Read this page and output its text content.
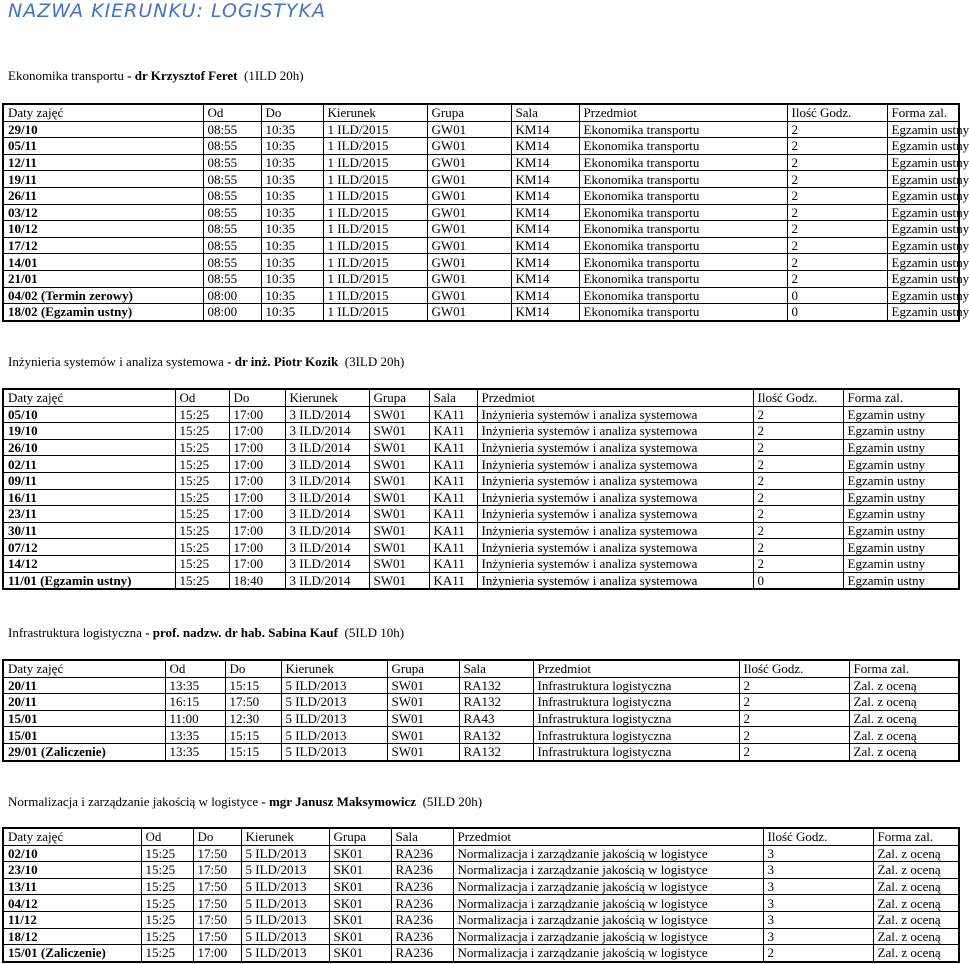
NAZWA KIERUNKU: LOGISTYKA
Ekonomika transportu - dr Krzysztof Feret (1ILD 20h)
Daty zajęć	Od	Do	Kierunek	Grupa	Sala	Przedmiot	Ilość Godz.	Forma zal.
29/10	08:55	10:35	1 ILD/2015	GW01	KM14	Ekonomika transportu	2	Egzamin ustny
05/11	08:55	10:35	1 ILD/2015	GW01	KM14	Ekonomika transportu	2	Egzamin ustny
12/11	08:55	10:35	1 ILD/2015	GW01	KM14	Ekonomika transportu	2	Egzamin ustny
19/11	08:55	10:35	1 ILD/2015	GW01	KM14	Ekonomika transportu	2	Egzamin ustny
26/11	08:55	10:35	1 ILD/2015	GW01	KM14	Ekonomika transportu	2	Egzamin ustny
03/12	08:55	10:35	1 ILD/2015	GW01	KM14	Ekonomika transportu	2	Egzamin ustny
10/12	08:55	10:35	1 ILD/2015	GW01	KM14	Ekonomika transportu	2	Egzamin ustny
17/12	08:55	10:35	1 ILD/2015	GW01	KM14	Ekonomika transportu	2	Egzamin ustny
14/01	08:55	10:35	1 ILD/2015	GW01	KM14	Ekonomika transportu	2	Egzamin ustny
21/01	08:55	10:35	1 ILD/2015	GW01	KM14	Ekonomika transportu	2	Egzamin ustny
04/02 (Termin zerowy)	08:00	10:35	1 ILD/2015	GW01	KM14	Ekonomika transportu	0	Egzamin ustny
18/02 (Egzamin ustny)	08:00	10:35	1 ILD/2015	GW01	KM14	Ekonomika transportu	0	Egzamin ustny
Inżynieria systemów i analiza systemowa - dr inż. Piotr Kozik (3ILD 20h)
Daty zajęć	Od	Do	Kierunek	Grupa	Sala	Przedmiot	Ilość Godz.	Forma zal.
05/10	15:25	17:00	3 ILD/2014	SW01	KA11	Inżynieria systemów i analiza systemowa	2	Egzamin ustny
19/10	15:25	17:00	3 ILD/2014	SW01	KA11	Inżynieria systemów i analiza systemowa	2	Egzamin ustny
26/10	15:25	17:00	3 ILD/2014	SW01	KA11	Inżynieria systemów i analiza systemowa	2	Egzamin ustny
02/11	15:25	17:00	3 ILD/2014	SW01	KA11	Inżynieria systemów i analiza systemowa	2	Egzamin ustny
09/11	15:25	17:00	3 ILD/2014	SW01	KA11	Inżynieria systemów i analiza systemowa	2	Egzamin ustny
16/11	15:25	17:00	3 ILD/2014	SW01	KA11	Inżynieria systemów i analiza systemowa	2	Egzamin ustny
23/11	15:25	17:00	3 ILD/2014	SW01	KA11	Inżynieria systemów i analiza systemowa	2	Egzamin ustny
30/11	15:25	17:00	3 ILD/2014	SW01	KA11	Inżynieria systemów i analiza systemowa	2	Egzamin ustny
07/12	15:25	17:00	3 ILD/2014	SW01	KA11	Inżynieria systemów i analiza systemowa	2	Egzamin ustny
14/12	15:25	17:00	3 ILD/2014	SW01	KA11	Inżynieria systemów i analiza systemowa	2	Egzamin ustny
11/01 (Egzamin ustny)	15:25	18:40	3 ILD/2014	SW01	KA11	Inżynieria systemów i analiza systemowa	0	Egzamin ustny
Infrastruktura logistyczna - prof. nadzw. dr hab. Sabina Kauf (5ILD 10h)
Daty zajęć	Od	Do	Kierunek	Grupa	Sala	Przedmiot	Ilość Godz.	Forma zal.
20/11	13:35	15:15	5 ILD/2013	SW01	RA132	Infrastruktura logistyczna	2	Zal. z oceną
20/11	16:15	17:50	5 ILD/2013	SW01	RA132	Infrastruktura logistyczna	2	Zal. z oceną
15/01	11:00	12:30	5 ILD/2013	SW01	RA43	Infrastruktura logistyczna	2	Zal. z oceną
15/01	13:35	15:15	5 ILD/2013	SW01	RA132	Infrastruktura logistyczna	2	Zal. z oceną
29/01 (Zaliczenie)	13:35	15:15	5 ILD/2013	SW01	RA132	Infrastruktura logistyczna	2	Zal. z oceną
Normalizacja i zarządzanie jakością w logistyce - mgr Janusz Maksymowicz (5ILD 20h)
Daty zajęć	Od	Do	Kierunek	Grupa	Sala	Przedmiot	Ilość Godz.	Forma zal.
02/10	15:25	17:50	5 ILD/2013	SK01	RA236	Normalizacja i zarządzanie jakością w logistyce	3	Zal. z oceną
23/10	15:25	17:50	5 ILD/2013	SK01	RA236	Normalizacja i zarządzanie jakością w logistyce	3	Zal. z oceną
13/11	15:25	17:50	5 ILD/2013	SK01	RA236	Normalizacja i zarządzanie jakością w logistyce	3	Zal. z oceną
04/12	15:25	17:50	5 ILD/2013	SK01	RA236	Normalizacja i zarządzanie jakością w logistyce	3	Zal. z oceną
11/12	15:25	17:50	5 ILD/2013	SK01	RA236	Normalizacja i zarządzanie jakością w logistyce	3	Zal. z oceną
18/12	15:25	17:50	5 ILD/2013	SK01	RA236	Normalizacja i zarządzanie jakością w logistyce	3	Zal. z oceną
15/01 (Zaliczenie)	15:25	17:00	5 ILD/2013	SK01	RA236	Normalizacja i zarządzanie jakością w logistyce	2	Zal. z oceną
